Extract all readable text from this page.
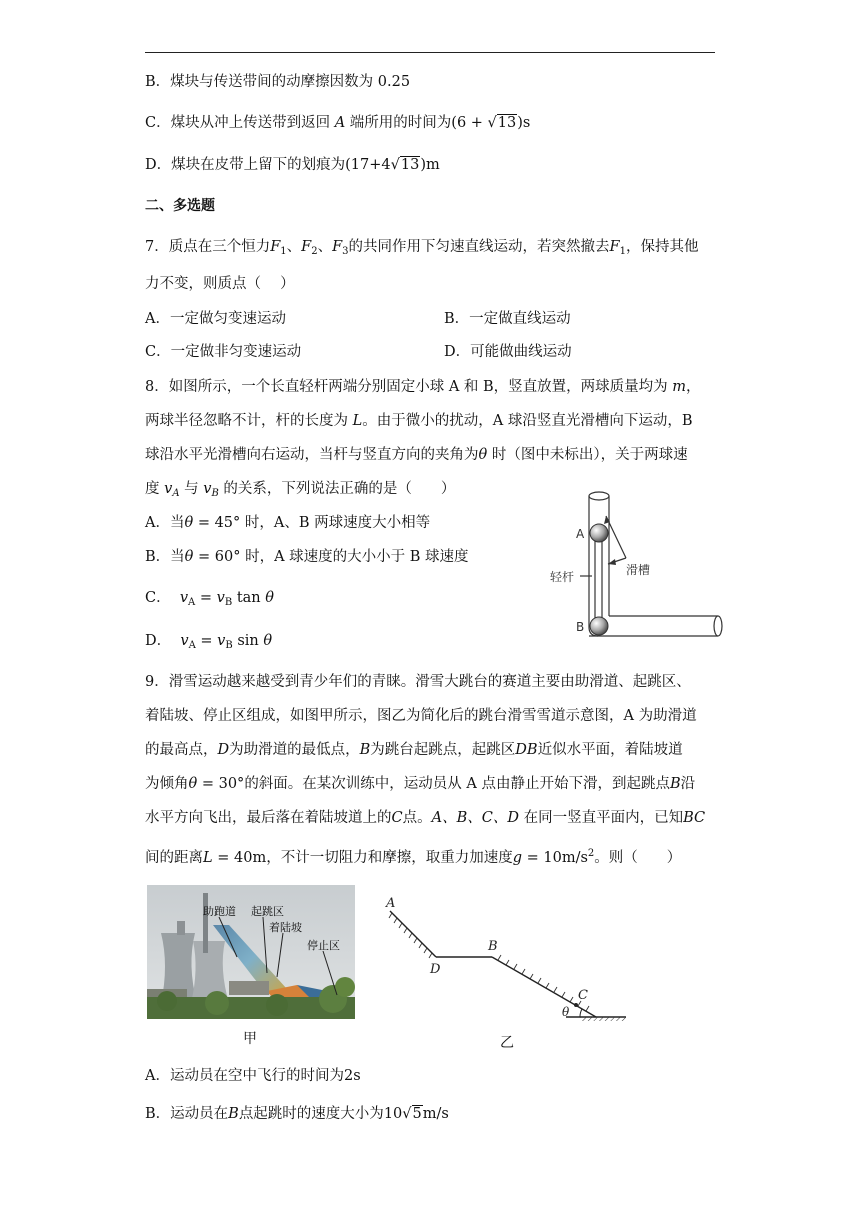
B．煤块与传送带间的动摩擦因数为 0.25
C．煤块从冲上传送带到返回 A 端所用的时间为(6 + √13)s
D．煤块在皮带上留下的划痕为(17+4√13)m
二、多选题
7．质点在三个恒力$F_1$、$F_2$、$F_3$的共同作用下匀速直线运动，若突然撤去$F_1$，保持其他
力不变，则质点（　 ）
A．一定做匀变速运动	B．一定做直线运动
C．一定做非匀变速运动	D．可能做曲线运动
8．如图所示，一个长直轻杆两端分别固定小球 A 和 B，竖直放置，两球质量均为 m，
两球半径忽略不计，杆的长度为 L。由于微小的扰动，A 球沿竖直光滑槽向下运动，B
球沿水平光滑槽向右运动，当杆与竖直方向的夹角为θ 时（图中未标出），关于两球速
度 $v_A$ 与 $v_B$ 的关系，下列说法正确的是（　　）
A．当θ = 45° 时，A、B 两球速度大小相等
B．当θ = 60° 时，A 球速度的大小小于 B 球速度
C． $v_A = v_B$ tan θ
D． $v_A = v_B$ sin θ
A
B
轻杆	滑槽
9．滑雪运动越来越受到青少年们的青睐。滑雪大跳台的赛道主要由助滑道、起跳区、
着陆坡、停止区组成，如图甲所示，图乙为简化后的跳台滑雪雪道示意图，A 为助滑道
的最高点，D为助滑道的最低点，B为跳台起跳点，起跳区DB近似水平面，着陆坡道
为倾角θ = 30°的斜面。在某次训练中，运动员从 A 点由静止开始下滑，到起跳点B沿
水平方向飞出，最后落在着陆坡道上的C点。A、B、C、D 在同一竖直平面内，已知BC
间的距离L = 40m，不计一切阻力和摩擦，取重力加速度$g = 10m/s^2$。则（　　）
助跑道 起跳区
着陆坡
停止区
甲
A
D
B
C
θ
乙
A．运动员在空中飞行的时间为2s
B．运动员在B点起跳时的速度大小为10√5m/s
